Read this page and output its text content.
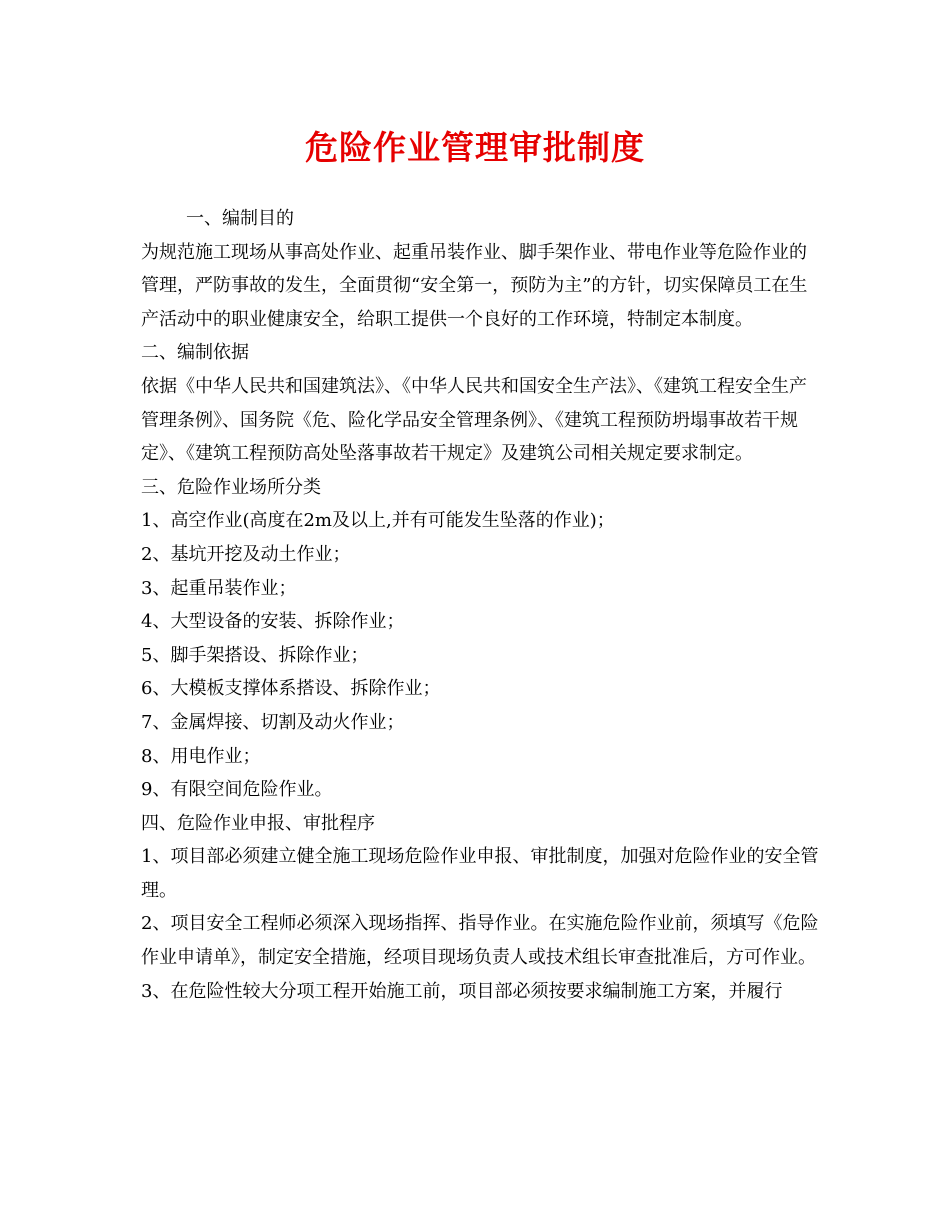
危险作业管理审批制度

一、编制目的

为规范施工现场从事高处作业、起重吊装作业、脚手架作业、带电作业等危险作业的管理，严防事故的发生，全面贯彻“安全第一，预防为主”的方针，切实保障员工在生产活动中的职业健康安全，给职工提供一个良好的工作环境，特制定本制度。

二、编制依据

依据《中华人民共和国建筑法》、《中华人民共和国安全生产法》、《建筑工程安全生产管理条例》、国务院《危、险化学品安全管理条例》、《建筑工程预防坍塌事故若干规定》、《建筑工程预防高处坠落事故若干规定》及建筑公司相关规定要求制定。

三、危险作业场所分类

1、高空作业(高度在2m及以上,并有可能发生坠落的作业)；

2、基坑开挖及动土作业；

3、起重吊装作业；

4、大型设备的安装、拆除作业；

5、脚手架搭设、拆除作业；

6、大模板支撑体系搭设、拆除作业；

7、金属焊接、切割及动火作业；

8、用电作业；

9、有限空间危险作业。

四、危险作业申报、审批程序

1、项目部必须建立健全施工现场危险作业申报、审批制度，加强对危险作业的安全管理。

2、项目安全工程师必须深入现场指挥、指导作业。在实施危险作业前，须填写《危险作业申请单》，制定安全措施，经项目现场负责人或技术组长审查批准后，方可作业。

3、在危险性较大分项工程开始施工前，项目部必须按要求编制施工方案，并履行
